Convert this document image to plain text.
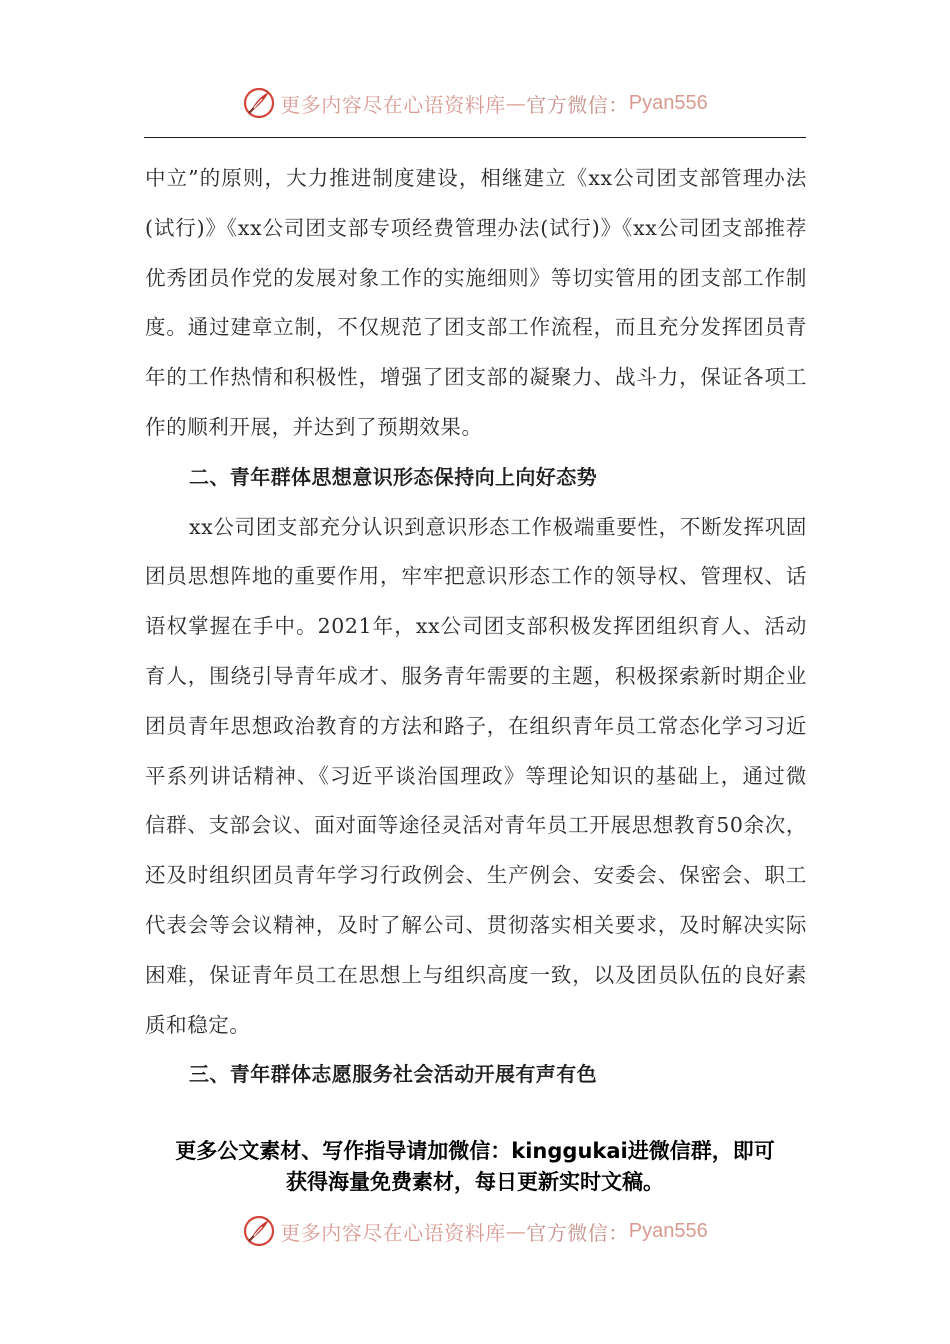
更多内容尽在心语资料库 — 官方微信： Pyan556

中立”的原则，大力推进制度建设，相继建立《xx公司团支部管理办法(试行)》《xx公司团支部专项经费管理办法(试行)》《xx公司团支部推荐优秀团员作党的发展对象工作的实施细则》等切实管用的团支部工作制度。通过建章立制，不仅规范了团支部工作流程，而且充分发挥团员青年的工作热情和积极性，增强了团支部的凝聚力、战斗力，保证各项工作的顺利开展，并达到了预期效果。

二、青年群体思想意识形态保持向上向好态势

xx公司团支部充分认识到意识形态工作极端重要性，不断发挥巩固团员思想阵地的重要作用，牢牢把意识形态工作的领导权、管理权、话语权掌握在手中。2021年，xx公司团支部积极发挥团组织育人、活动育人，围绕引导青年成才、服务青年需要的主题，积极探索新时期企业团员青年思想政治教育的方法和路子，在组织青年员工常态化学习习近平系列讲话精神、《习近平谈治国理政》等理论知识的基础上，通过微信群、支部会议、面对面等途径灵活对青年员工开展思想教育50余次，还及时组织团员青年学习行政例会、生产例会、安委会、保密会、职工代表会等会议精神，及时了解公司、贯彻落实相关要求，及时解决实际困难，保证青年员工在思想上与组织高度一致，以及团员队伍的良好素质和稳定。

三、青年群体志愿服务社会活动开展有声有色

更多公文素材、写作指导请加微信：kinggukai进微信群，即可
获得海量免费素材，每日更新实时文稿。
更多内容尽在心语资料库 — 官方微信： Pyan556
